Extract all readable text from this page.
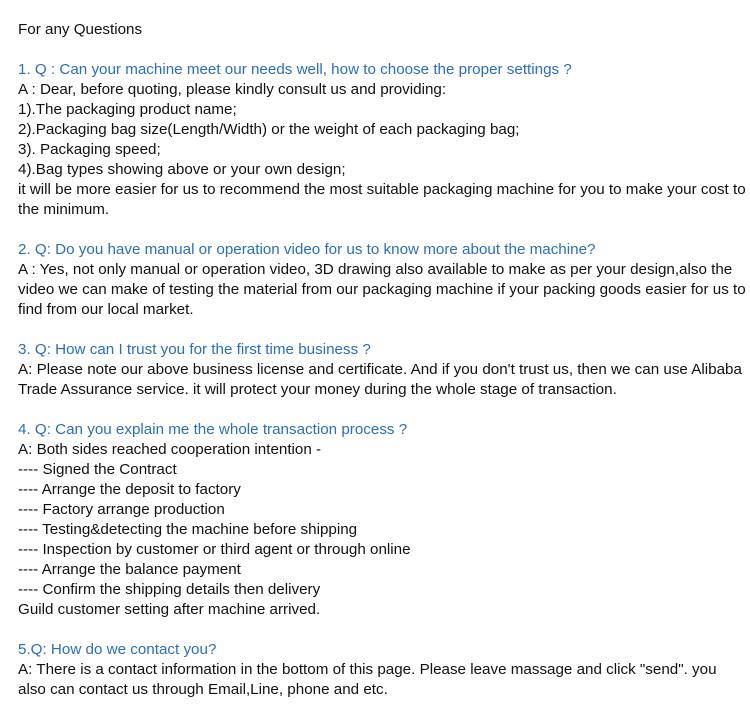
For any Questions

1. Q : Can your machine meet our needs well, how to choose the proper settings ?

A : Dear, before quoting, please kindly consult us and providing:

1).The packaging product name;

2).Packaging bag size(Length/Width) or the weight of each packaging bag;

3). Packaging speed;

4).Bag types showing above or your own design;

it will be more easier for us to recommend the most suitable packaging machine for you to make your cost to the minimum.

2. Q: Do you have manual or operation video for us to know more about the machine?

A : Yes, not only manual or operation video, 3D drawing also available to make as per your design,also the video we can make of testing the material from our packaging machine if your packing goods easier for us to find from our local market.

3. Q: How can I trust you for the first time business ?

A: Please note our above business license and certificate. And if you don't trust us, then we can use Alibaba Trade Assurance service. it will protect your money during the whole stage of transaction.

4. Q: Can you explain me the whole transaction process ?

A: Both sides reached cooperation intention -

---- Signed the Contract

---- Arrange the deposit to factory

---- Factory arrange production

---- Testing&detecting the machine before shipping

---- Inspection by customer or third agent or through online

---- Arrange the balance payment

---- Confirm the shipping details then delivery

Guild customer setting after machine arrived.

5.Q: How do we contact you?

A: There is a contact information in the bottom of this page. Please leave massage and click "send". you also can contact us through Email,Line, phone and etc.
